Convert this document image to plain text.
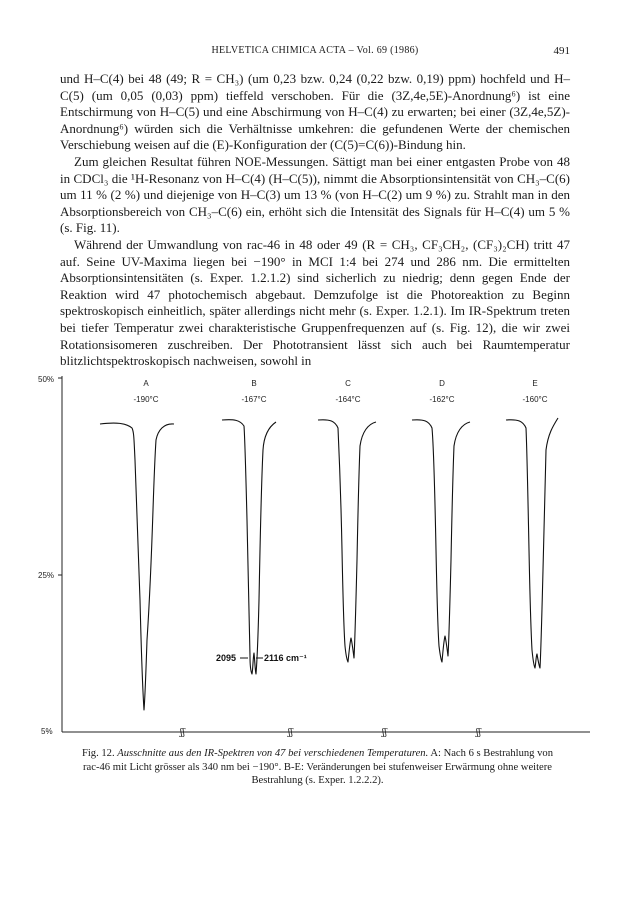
HELVETICA CHIMICA ACTA – Vol. 69 (1986)	491

und H–C(4) bei 48 (49; R = CH₃) (um 0,23 bzw. 0,24 (0,22 bzw. 0,19) ppm) hochfeld und H–C(5) (um 0,05 (0,03) ppm) tieffeld verschoben. Für die (3Z,4e,5E)-Anordnung⁶) ist eine Entschirmung von H–C(5) und eine Abschirmung von H–C(4) zu erwarten; bei einer (3Z,4e,5Z)-Anordnung⁶) würden sich die Verhältnisse umkehren: die gefundenen Werte der chemischen Verschiebung weisen auf die (E)-Konfiguration der (C(5)=C(6))-Bindung hin.

Zum gleichen Resultat führen NOE-Messungen. Sättigt man bei einer entgasten Probe von 48 in CDCl₃ die ¹H-Resonanz von H–C(4) (H–C(5)), nimmt die Absorptionsintensität von CH₃–C(6) um 11 % (2 %) und diejenige von H–C(3) um 13 % (von H–C(2) um 9 %) zu. Strahlt man in den Absorptionsbereich von CH₃–C(6) ein, erhöht sich die Intensität des Signals für H–C(4) um 5 % (s. Fig. 11).

Während der Umwandlung von rac-46 in 48 oder 49 (R = CH₃, CF₃CH₂, (CF₃)₂CH) tritt 47 auf. Seine UV-Maxima liegen bei −190° in MCI 1:4 bei 274 und 286 nm. Die ermittelten Absorptionsintensitäten (s. Exper. 1.2.1.2) sind sicherlich zu niedrig; denn gegen Ende der Reaktion wird 47 photochemisch abgebaut. Demzufolge ist die Photoreaktion zu Beginn spektroskopisch einheitlich, später allerdings nicht mehr (s. Exper. 1.2.1). Im IR-Spektrum treten bei tiefer Temperatur zwei charakteristische Gruppenfrequenzen auf (s. Fig. 12), die wir zwei Rotationsisomeren zuschreiben. Der Phototransient lässt sich auch bei Raumtemperatur blitzlichtspektroskopisch nachweisen, sowohl in

50%
25%
5%	ʃʃ	ʃʃ	ʃʃ	ʃʃ
A
-190°C
B
-167°C
C
-164°C
D
-162°C
E
-160°C
2095	2116 cm⁻¹
Fig. 12. Ausschnitte aus den IR-Spektren von 47 bei verschiedenen Temperaturen. A: Nach 6 s Bestrahlung von rac-46 mit Licht grösser als 340 nm bei −190°. B-E: Veränderungen bei stufenweiser Erwärmung ohne weitere Bestrahlung (s. Exper. 1.2.2.2).
